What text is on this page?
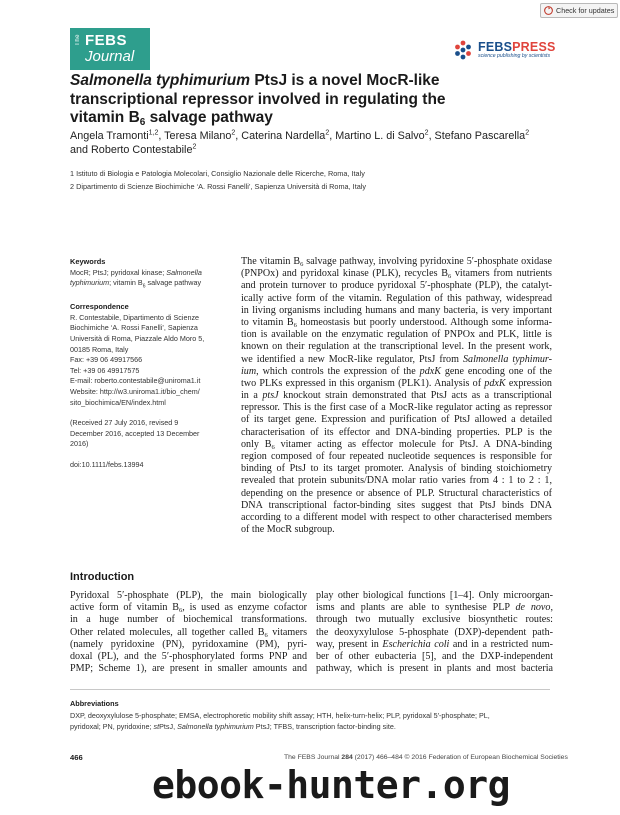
Check for updates
The FEBS
Journal
FEBSPRESS
science publishing by scientists
Salmonella typhimurium PtsJ is a novel MocR-like
transcriptional repressor involved in regulating the
vitamin $B_6$ salvage pathway
Angela Tramonti$^{1,2}$, Teresa Milano$^2$, Caterina Nardella$^2$, Martino L. di Salvo$^2$, Stefano Pascarella$^2$
and Roberto Contestabile$^2$
1 Istituto di Biologia e Patologia Molecolari, Consiglio Nazionale delle Ricerche, Roma, Italy
2 Dipartimento di Scienze Biochimiche ‘A. Rossi Fanelli’, Sapienza Università di Roma, Italy
Keywords
MocR; PtsJ; pyridoxal kinase; Salmonella
typhimurium; vitamin $B_6$ salvage pathway
Correspondence
R. Contestabile, Dipartimento di Scienze
Biochimiche ‘A. Rossi Fanelli’, Sapienza
Università di Roma, Piazzale Aldo Moro 5,
00185 Roma, Italy
Fax: +39 06 49917566
Tel: +39 06 49917575
E-mail: roberto.contestabile@uniroma1.it
Website: http://w3.uniroma1.it/bio_chem/
sito_biochimica/EN/index.html
(Received 27 July 2016, revised 9
December 2016, accepted 13 December
2016)
doi:10.1111/febs.13994
The vitamin $B_6$ salvage pathway, involving pyridoxine 5′-phosphate oxidase
(PNPOx) and pyridoxal kinase (PLK), recycles $B_6$ vitamers from nutrients
and protein turnover to produce pyridoxal 5′-phosphate (PLP), the catalyt-
ically active form of the vitamin. Regulation of this pathway, widespread
in living organisms including humans and many bacteria, is very important
to vitamin $B_6$ homeostasis but poorly understood. Although some informa-
tion is available on the enzymatic regulation of PNPOx and PLK, little is
known on their regulation at the transcriptional level. In the present work,
we identified a new MocR-like regulator, PtsJ from Salmonella typhimur-
ium, which controls the expression of the pdxK gene encoding one of the
two PLKs expressed in this organism (PLK1). Analysis of pdxK expression
in a ptsJ knockout strain demonstrated that PtsJ acts as a transcriptional
repressor. This is the first case of a MocR-like regulator acting as repressor
of its target gene. Expression and purification of PtsJ allowed a detailed
characterisation of its effector and DNA-binding properties. PLP is the
only $B_6$ vitamer acting as effector molecule for PtsJ. A DNA-binding
region composed of four repeated nucleotide sequences is responsible for
binding of PtsJ to its target promoter. Analysis of binding stoichiometry
revealed that protein subunits/DNA molar ratio varies from 4 : 1 to 2 : 1,
depending on the presence or absence of PLP. Structural characteristics of
DNA transcriptional factor-binding sites suggest that PtsJ binds DNA
according to a different model with respect to other characterised members
of the MocR subgroup.
Introduction
Pyridoxal 5′-phosphate (PLP), the main biologically
active form of vitamin $B_6$, is used as enzyme cofactor
in a huge number of biochemical transformations.
Other related molecules, all together called $B_6$ vitamers
(namely pyridoxine (PN), pyridoxamine (PM), pyri-
doxal (PL), and the 5′-phosphorylated forms PNP and
PMP; Scheme 1), are present in smaller amounts and
play other biological functions [1–4]. Only microorgan-
isms and plants are able to synthesise PLP de novo,
through two mutually exclusive biosynthetic routes:
the deoxyxylulose 5-phosphate (DXP)-dependent path-
way, present in Escherichia coli and in a restricted num-
ber of other eubacteria [5], and the DXP-independent
pathway, which is present in plants and most bacteria
Abbreviations
DXP, deoxyxylulose 5-phosphate; EMSA, electrophoretic mobility shift assay; HTH, helix-turn-helix; PLP, pyridoxal 5′-phosphate; PL,
pyridoxal; PN, pyridoxine; stPtsJ, Salmonella typhimurium PtsJ; TFBS, transcription factor-binding site.
466	The FEBS Journal 284 (2017) 466–484 © 2016 Federation of European Biochemical Societies
ebook-hunter.org
